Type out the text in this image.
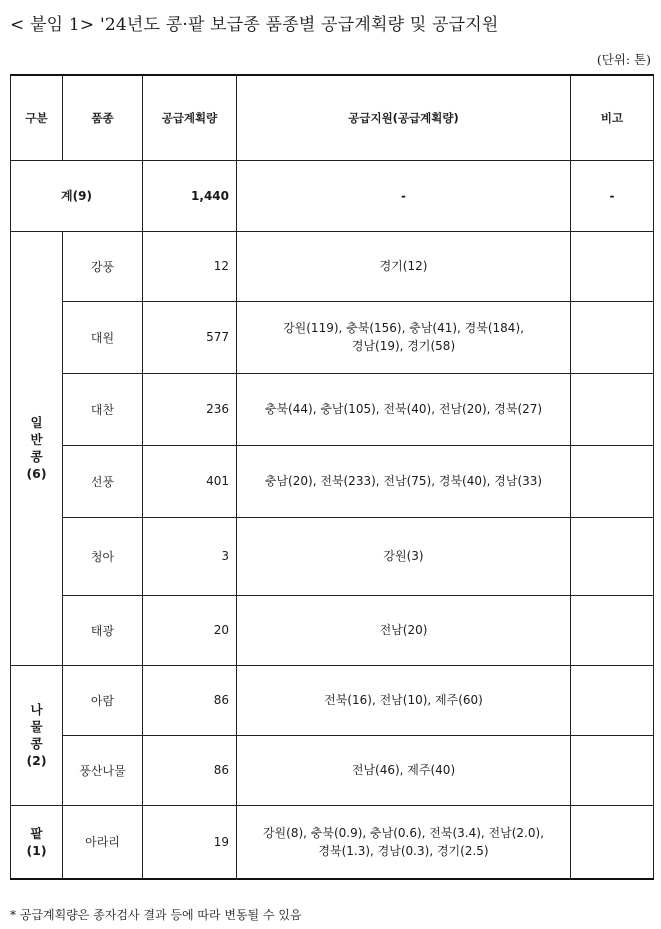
< 붙임 1> '24년도 콩·팥 보급종 품종별 공급계획량 및 공급지원
(단위: 톤)
구분	품종	공급계획량	공급지원(공급계획량)	비고
계(9)		1,440	-	-
일
반
콩
(6)	강풍	12	경기(12)	
	대원	577	강원(119), 충북(156), 충남(41), 경북(184),
경남(19), 경기(58)	
	대찬	236	충북(44), 충남(105), 전북(40), 전남(20), 경북(27)	
	선풍	401	충남(20), 전북(233), 전남(75), 경북(40), 경남(33)	
	청아	3	강원(3)	
	태광	20	전남(20)	
나
물
콩
(2)	아람	86	전북(16), 전남(10), 제주(60)	
	풍산나물	86	전남(46), 제주(40)	
팥
(1)	아라리	19	강원(8), 충북(0.9), 충남(0.6), 전북(3.4), 전남(2.0),
경북(1.3), 경남(0.3), 경기(2.5)	
* 공급계획량은 종자검사 결과 등에 따라 변동될 수 있음
